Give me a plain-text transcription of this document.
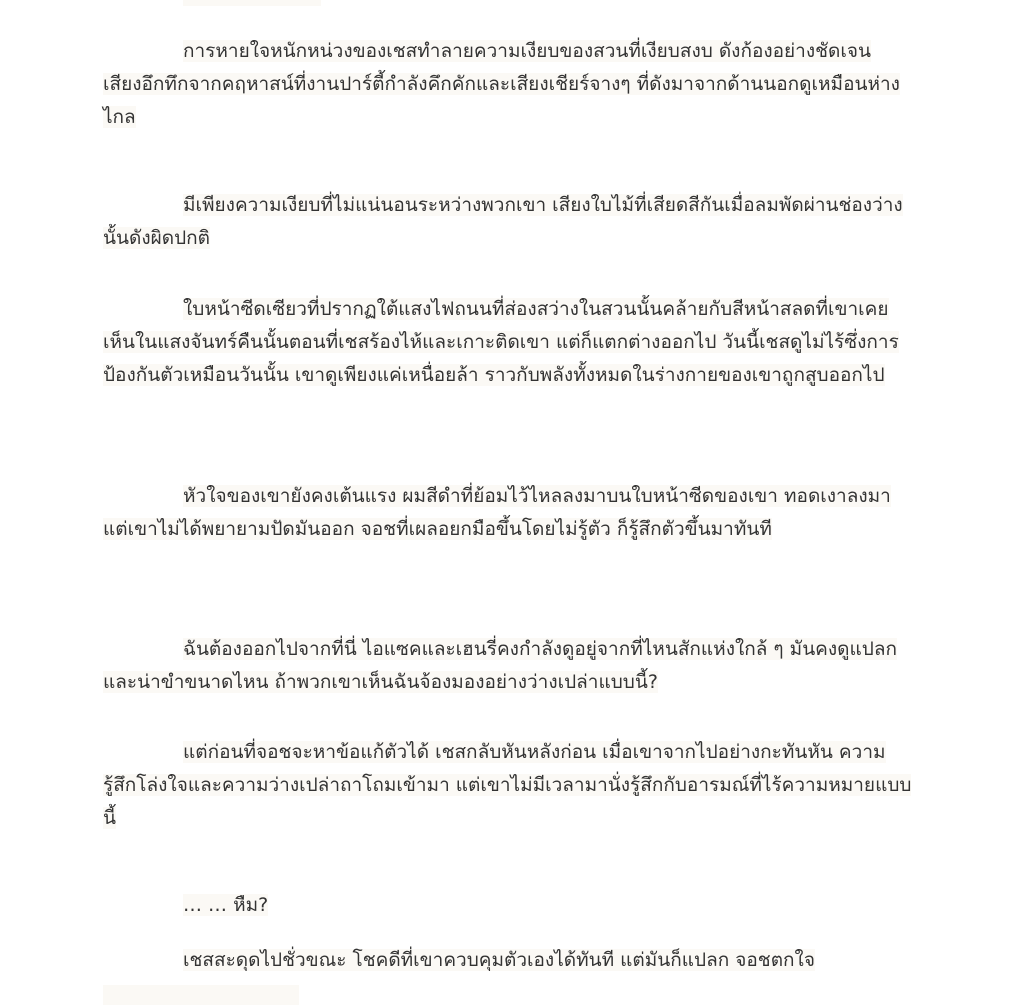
การหายใจหนักหน่วงของเชสทำลายความเงียบของสวนที่เงียบสงบ ดังก้องอย่างชัดเจน เสียงอึกทึกจากคฤหาสน์ที่งานปาร์ตี้กำลังคึกคักและเสียงเชียร์จางๆ ที่ดังมาจากด้านนอกดูเหมือนห่างไกล

มีเพียงความเงียบที่ไม่แน่นอนระหว่างพวกเขา เสียงใบไม้ที่เสียดสีกันเมื่อลมพัดผ่านช่องว่างนั้นดังผิดปกติ

ใบหน้าซีดเซียวที่ปรากฏใต้แสงไฟถนนที่ส่องสว่างในสวนนั้นคล้ายกับสีหน้าสลดที่เขาเคยเห็นในแสงจันทร์คืนนั้นตอนที่เชสร้องไห้และเกาะติดเขา แต่ก็แตกต่างออกไป วันนี้เชสดูไม่ไร้ซึ่งการป้องกันตัวเหมือนวันนั้น เขาดูเพียงแค่เหนื่อยล้า ราวกับพลังทั้งหมดในร่างกายของเขาถูกสูบออกไป

หัวใจของเขายังคงเต้นแรง ผมสีดำที่ย้อมไว้ไหลลงมาบนใบหน้าซีดของเขา ทอดเงาลงมา แต่เขาไม่ได้พยายามปัดมันออก จอชที่เผลอยกมือขึ้นโดยไม่รู้ตัว ก็รู้สึกตัวขึ้นมาทันที

ฉันต้องออกไปจากที่นี่ ไอแซคและเฮนรี่คงกำลังดูอยู่จากที่ไหนสักแห่งใกล้ ๆ มันคงดูแปลกและน่าขำขนาดไหน ถ้าพวกเขาเห็นฉันจ้องมองอย่างว่างเปล่าแบบนี้?

แต่ก่อนที่จอชจะหาข้อแก้ตัวได้ เชสกลับหันหลังก่อน เมื่อเขาจากไปอย่างกะทันหัน ความรู้สึกโล่งใจและความว่างเปล่าถาโถมเข้ามา แต่เขาไม่มีเวลามานั่งรู้สึกกับอารมณ์ที่ไร้ความหมายแบบนี้

… … หืม?

เชสสะดุดไปชั่วขณะ โชคดีที่เขาควบคุมตัวเองได้ทันที แต่มันก็แปลก จอชตกใจ
